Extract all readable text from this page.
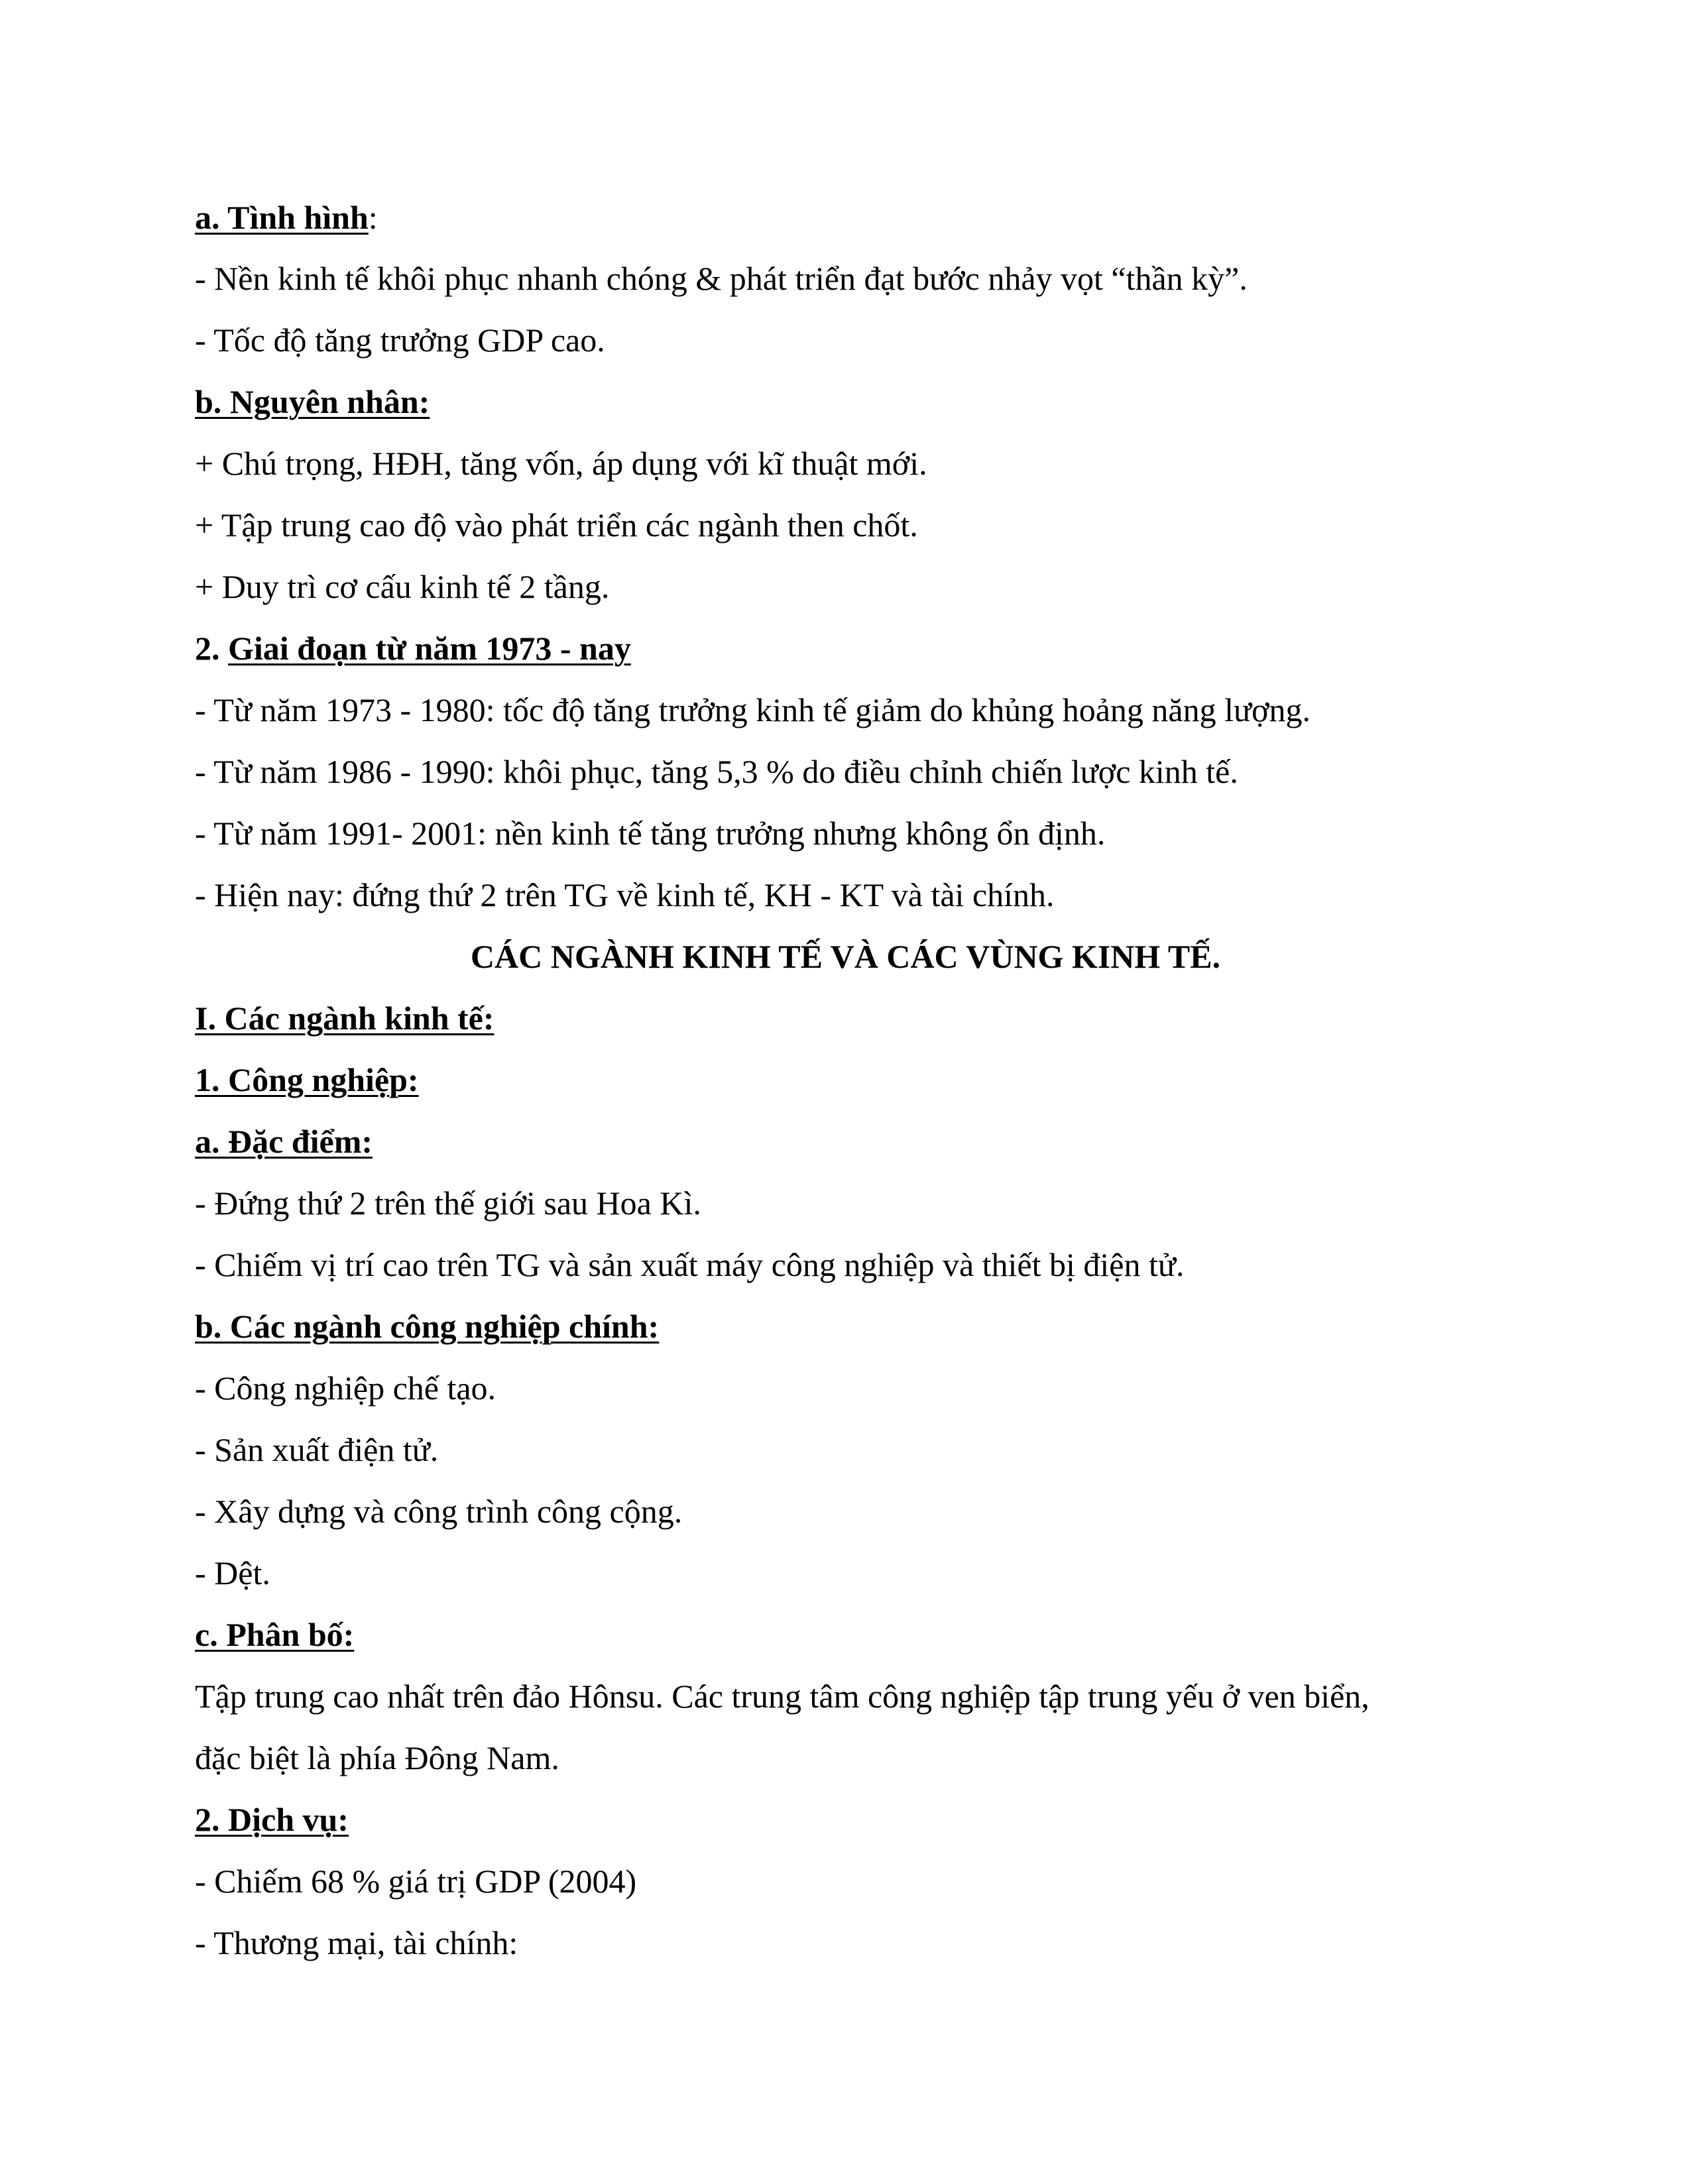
a. Tình hình:
- Nền kinh tế khôi phục nhanh chóng & phát triển đạt bước nhảy vọt “thần kỳ”.
- Tốc độ tăng trưởng GDP cao.
b. Nguyên nhân:
+ Chú trọng, HĐH, tăng vốn, áp dụng với kĩ thuật mới.
+ Tập trung cao độ vào phát triển các ngành then chốt.
+ Duy trì cơ cấu kinh tế 2 tầng.
2. Giai đoạn từ năm 1973 - nay
- Từ năm 1973 - 1980: tốc độ tăng trưởng kinh tế giảm do khủng hoảng năng lượng.
- Từ năm 1986 - 1990: khôi phục, tăng 5,3 % do điều chỉnh chiến lược kinh tế.
- Từ năm 1991- 2001: nền kinh tế tăng trưởng nhưng không ổn định.
- Hiện nay: đứng thứ 2 trên TG về kinh tế, KH - KT và tài chính.
CÁC NGÀNH KINH TẾ VÀ CÁC VÙNG KINH TẾ.
I. Các ngành kinh tế:
1. Công nghiệp:
a. Đặc điểm:
- Đứng thứ 2 trên thế giới sau Hoa Kì.
- Chiếm vị trí cao trên TG và sản xuất máy công nghiệp và thiết bị điện tử.
b. Các ngành công nghiệp chính:
- Công nghiệp chế tạo.
- Sản xuất điện tử.
- Xây dựng và công trình công cộng.
- Dệt.
c. Phân bố:
Tập trung cao nhất trên đảo Hônsu. Các trung tâm công nghiệp tập trung yếu ở ven biển,
đặc biệt là phía Đông Nam.
2. Dịch vụ:
- Chiếm 68 % giá trị GDP (2004)
- Thương mại, tài chính:
